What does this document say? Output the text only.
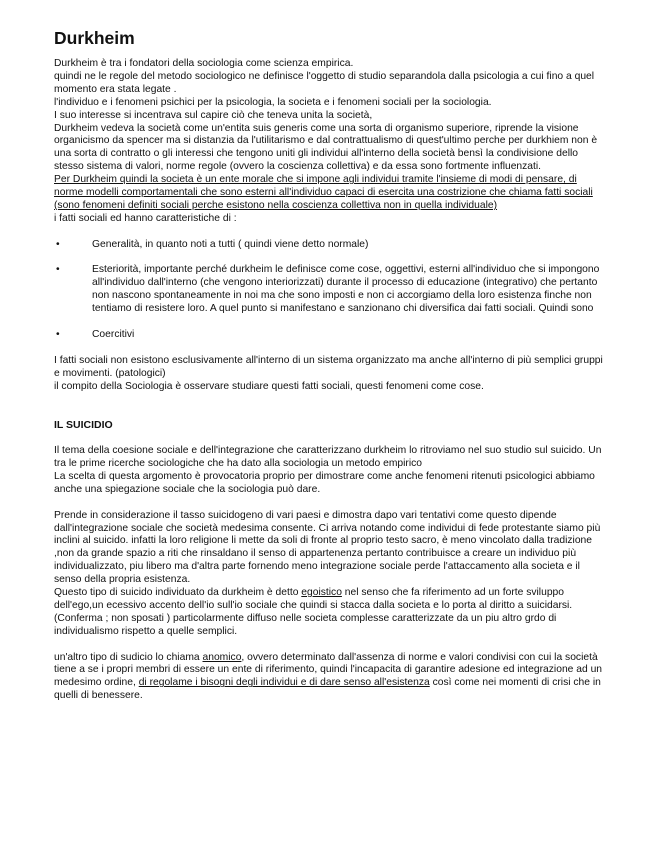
Durkheim

Durkheim è tra i fondatori della sociologia come scienza empirica.

quindi ne le regole del metodo sociologico ne definisce l'oggetto di studio separandola dalla psicologia a cui fino a quel momento era stata legate .

l'individuo e i fenomeni psichici per la psicologia, la societa e i fenomeni sociali per la sociologia.

I suo interesse si incentrava sul capire ciò che teneva unita la società,

Durkheim vedeva la società come un'entita suis generis come una sorta di organismo superiore, riprende la visione organicismo da spencer ma si distanzia da l'utilitarismo e dal contrattualismo di quest'ultimo perche per durkhiem non è una sorta di contratto o gli interessi che tengono uniti gli individui all'interno della società bensì la condivisione dello stesso sistema di valori, norme regole (ovvero la coscienza collettiva) e da essa sono fortmente influenzati.

Per Durkheim quindi la societa è un ente morale che si impone agli individui tramite l'insieme di modi di pensare, di norme modelli comportamentali che sono esterni all'individuo capaci di esercita una costrizione che chiama fatti sociali (sono fenomeni definiti sociali perche esistono nella coscienza collettiva non in quella individuale)

i fatti sociali ed hanno caratteristiche di :

•	Generalità, in quanto noti a tutti ( quindi viene detto normale)
•	Esteriorità, importante perché durkheim le definisce come cose, oggettivi, esterni all'individuo che si impongono all'individuo dall'interno (che vengono interiorizzati) durante il processo di educazione (integrativo) che pertanto non nascono spontaneamente in noi ma che sono imposti e non ci accorgiamo della loro esistenza finche non tentiamo di resistere loro. A quel punto si manifestano e sanzionano chi diversifica dai fatti sociali. Quindi sono
•	Coercitivi

I fatti sociali non esistono esclusivamente all'interno di un sistema organizzato ma anche all'interno di più semplici gruppi e movimenti. (patologici)

il compito della Sociologia è osservare studiare questi fatti sociali, questi fenomeni come cose.

IL SUICIDIO

Il tema della coesione sociale e dell'integrazione che caratterizzano durkheim lo ritroviamo nel suo studio sul suicido. Un tra le prime ricerche sociologiche che ha dato alla sociologia un metodo empirico

La scelta di questa argomento è provocatoria proprio per dimostrare come anche fenomeni ritenuti psicologici abbiamo anche una spiegazione sociale che la sociologia può dare.

Prende in considerazione il tasso suicidogeno di vari paesi e dimostra dapo vari tentativi come questo dipende dall'integrazione sociale che società medesima consente. Ci arriva notando come individui di fede protestante siamo più inclini al suicido. infatti la loro religione li mette da soli di fronte al proprio testo sacro, è meno vincolato dalla tradizione ,non da grande spazio a riti che rinsaldano il senso di appartenenza pertanto contribuisce a creare un individuo più individualizzato, piu libero ma d'altra parte fornendo meno integrazione sociale perde l'attaccamento alla societa e il senso della propria esistenza.

Questo tipo di suicido individuato da durkheim è detto egoistico nel senso che fa riferimento ad un forte sviluppo dell'ego,un ecessivo accento dell'io sull'io sociale che quindi si stacca dalla societa e lo porta al diritto a suicidarsi. (Conferma ; non sposati ) particolarmente diffuso nelle societa complesse caratterizzate da un piu altro grdo di individualismo rispetto a quelle semplici.

un'altro tipo di sudicio lo chiama anomico, ovvero determinato dall'assenza di norme e valori condivisi con cui la società tiene a se i propri membri di essere un ente di riferimento, quindi l'incapacita di garantire adesione ed integrazione ad un medesimo ordine, di regolame i bisogni degli individui e di dare senso all'esistenza così come nei momenti di crisi che in quelli di benessere.
